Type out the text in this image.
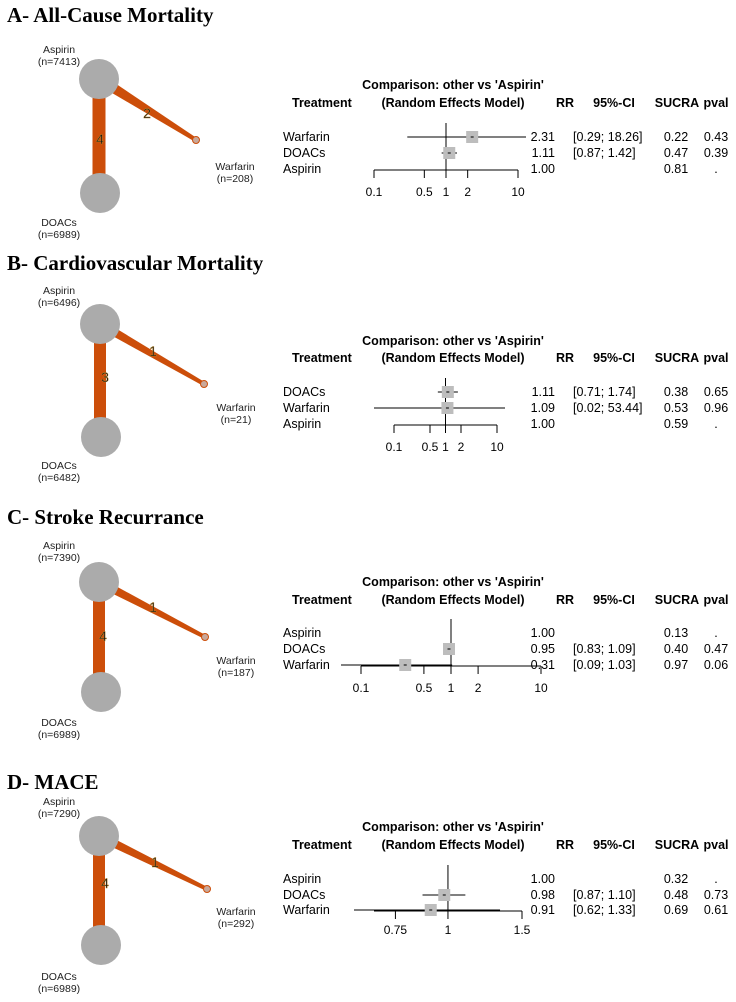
A- All-Cause Mortality
2
4
Aspirin
(n=7413)
Warfarin
(n=208)
DOACs
(n=6989)
Comparison: other vs 'Aspirin'
(Random Effects Model)
Treatment	RR 95%-CI SUCRA pval
0.1	0.5 1 2	10
Warfarin	2.31 [0.29; 18.26] 0.22 0.43
DOACs	1.11 [0.87; 1.42] 0.47 0.39
Aspirin	1.00	0.81 .
B- Cardiovascular Mortality
1
3
Aspirin
(n=6496)
Warfarin
(n=21)
DOACs
(n=6482)
Comparison: other vs 'Aspirin'
(Random Effects Model)
Treatment	RR 95%-CI SUCRA pval
0.1 0.5 1 2 10
DOACs	1.11 [0.71; 1.74] 0.38 0.65
Warfarin	1.09 [0.02; 53.44] 0.53 0.96
Aspirin	1.00	0.59 .
C- Stroke Recurrance
1
4
Aspirin
(n=7390)
Warfarin
(n=187)
DOACs
(n=6989)
Comparison: other vs 'Aspirin'
(Random Effects Model)
Treatment	RR 95%-CI SUCRA pval
0.1	0.5 1 2	10
Aspirin	1.00	0.13 .
DOACs	0.95 [0.83; 1.09] 0.40 0.47
Warfarin	0.31 [0.09; 1.03] 0.97 0.06
D- MACE
1
4
Aspirin
(n=7290)
Warfarin
(n=292)
DOACs
(n=6989)
Comparison: other vs 'Aspirin'
(Random Effects Model)
Treatment	RR 95%-CI SUCRA pval
0.75	1	1.5
Aspirin	1.00	0.32 .
DOACs	0.98 [0.87; 1.10] 0.48 0.73
Warfarin	0.91 [0.62; 1.33] 0.69 0.61
